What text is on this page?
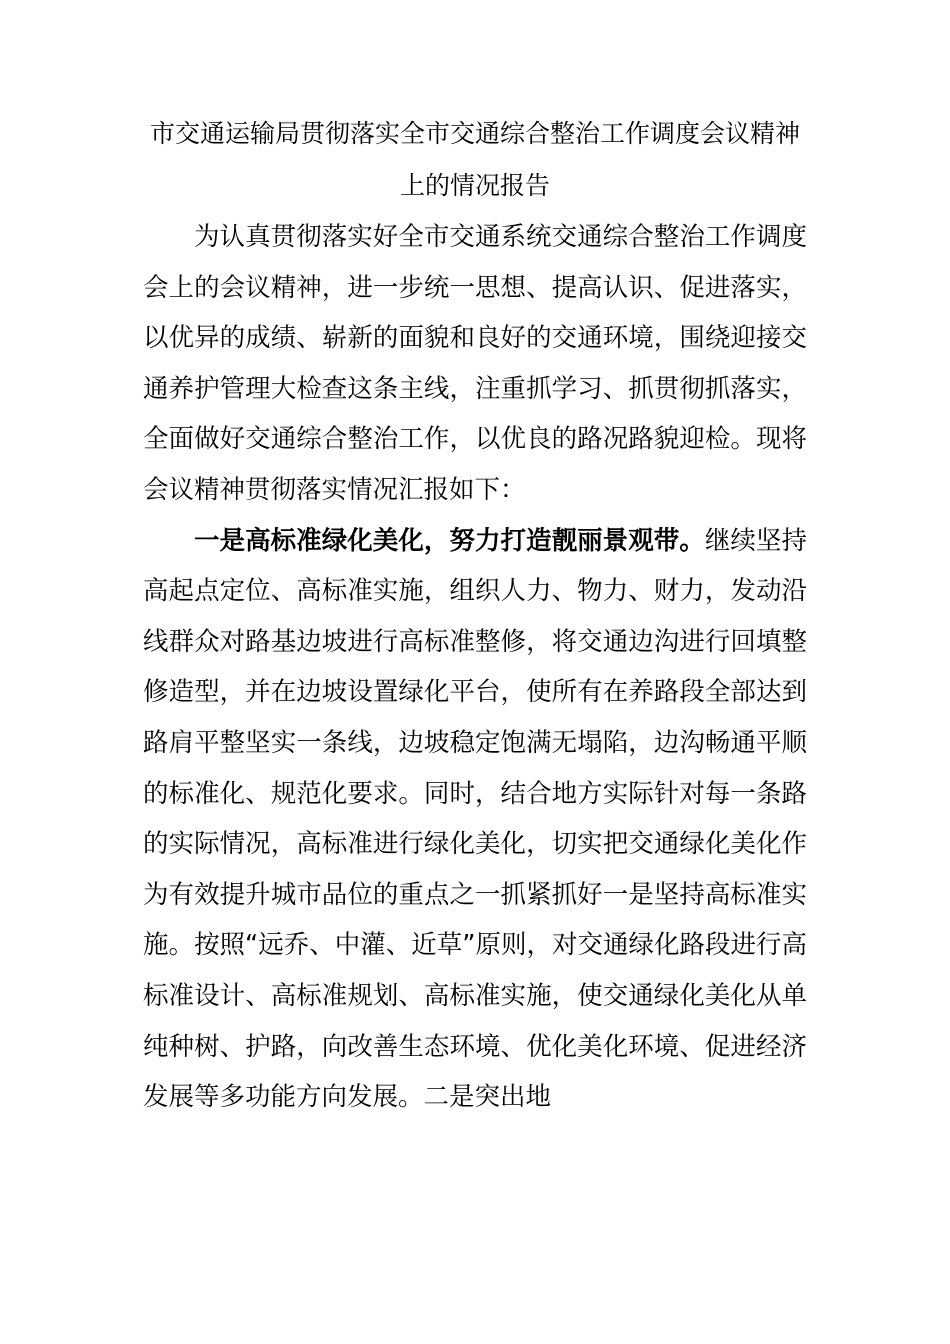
市交通运输局贯彻落实全市交通综合整治工作调度会议精神上的情况报告

为认真贯彻落实好全市交通系统交通综合整治工作调度会上的会议精神，进一步统一思想、提高认识、促进落实，以优异的成绩、崭新的面貌和良好的交通环境，围绕迎接交通养护管理大检查这条主线，注重抓学习、抓贯彻抓落实，全面做好交通综合整治工作，以优良的路况路貌迎检。现将会议精神贯彻落实情况汇报如下：

一是高标准绿化美化，努力打造靓丽景观带。继续坚持高起点定位、高标准实施，组织人力、物力、财力，发动沿线群众对路基边坡进行高标准整修，将交通边沟进行回填整修造型，并在边坡设置绿化平台，使所有在养路段全部达到路肩平整坚实一条线，边坡稳定饱满无塌陷，边沟畅通平顺的标准化、规范化要求。同时，结合地方实际针对每一条路的实际情况，高标准进行绿化美化，切实把交通绿化美化作为有效提升城市品位的重点之一抓紧抓好一是坚持高标准实施。按照“远乔、中灌、近草”原则，对交通绿化路段进行高标准设计、高标准规划、高标准实施，使交通绿化美化从单纯种树、护路，向改善生态环境、优化美化环境、促进经济发展等多功能方向发展。二是突出地
